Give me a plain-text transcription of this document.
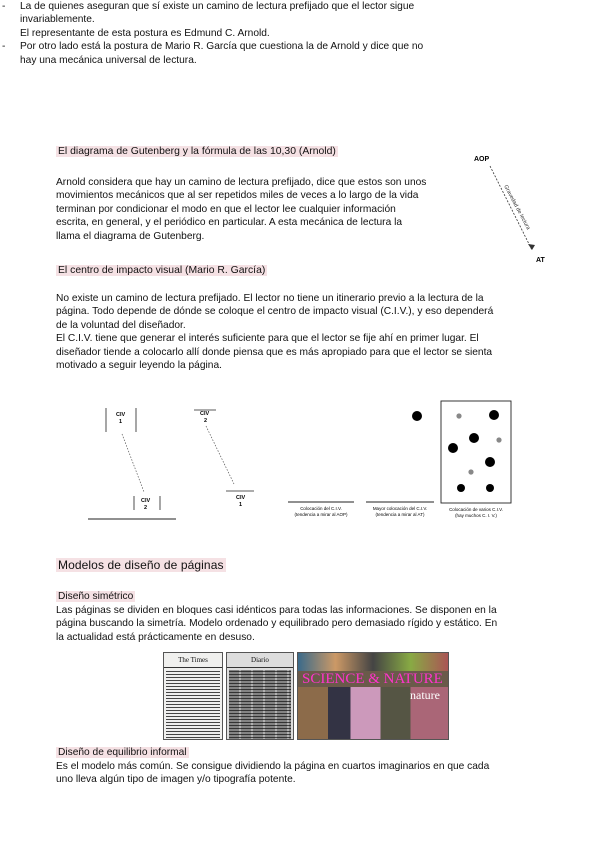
- La de quienes aseguran que sí existe un camino de lectura prefijado que el lector sigue
invariablemente.
El representante de esta postura es Edmund C. Arnold.
- Por otro lado está la postura de Mario R. García que cuestiona la de Arnold y dice que no
hay una mecánica universal de lectura.
El diagrama de Gutenberg y la fórmula de las 10,30 (Arnold)
Arnold considera que hay un camino de lectura prefijado, dice que estos son unos
movimientos mecánicos que al ser repetidos miles de veces a lo largo de la vida
terminan por condicionar el modo en que el lector lee cualquier información
escrita, en general, y el periódico en particular. A esta mecánica de lectura la
llama el diagrama de Gutenberg.
AOP
Gravedad de lectura
AT
El centro de impacto visual (Mario R. García)
No existe un camino de lectura prefijado. El lector no tiene un itinerario previo a la lectura de la
página. Todo depende de dónde se coloque el centro de impacto visual (C.I.V.), y eso dependerá
de la voluntad del diseñador.
El C.I.V. tiene que generar el interés suficiente para que el lector se fije ahí en primer lugar. El
diseñador tiende a colocarlo allí donde piensa que es más apropiado para que el lector se sienta
motivado a seguir leyendo la página.
CIV
1
CIV
2
CIV
2
CIV
1
Colocación del C.I.V.
(tendencia a mirar al AOP)
Mayor colocación del C.I.V.
(tendencia a mirar al AT)
Colocación de varios C.I.V.
(hay muchos C. I. V.)
Modelos de diseño de páginas
Diseño simétrico
Las páginas se dividen en bloques casi idénticos para todas las informaciones. Se disponen en la
página buscando la simetría. Modelo ordenado y equilibrado pero demasiado rígido y estático. En
la actualidad está prácticamente en desuso.
The Times	Diario
SCIENCE & NATURE
nature
Diseño de equilibrio informal
Es el modelo más común. Se consigue dividiendo la página en cuartos imaginarios en que cada
uno lleva algún tipo de imagen y/o tipografía potente.
